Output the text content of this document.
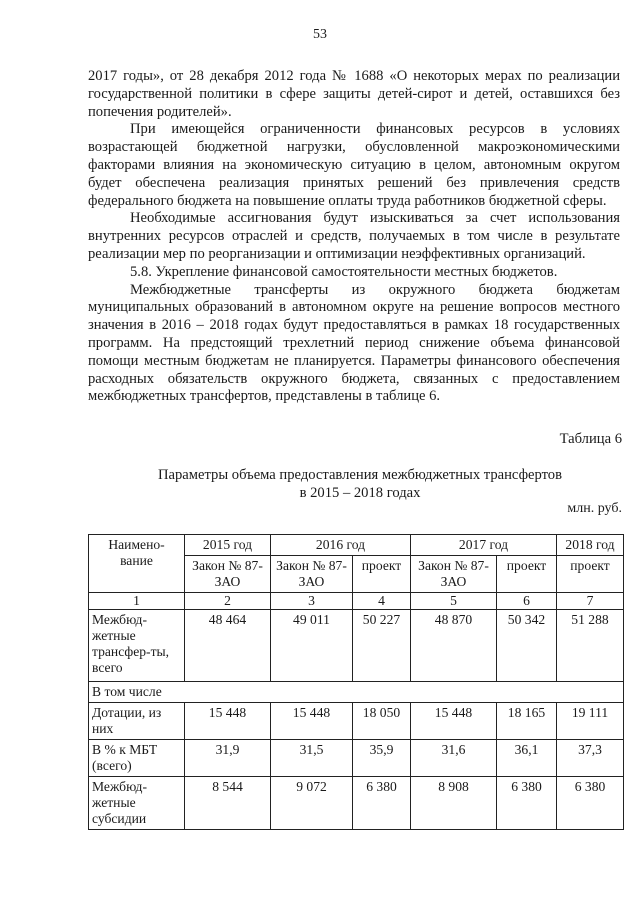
53

2017 годы», от 28 декабря 2012 года № 1688 «О некоторых мерах по реализации государственной политики в сфере защиты детей-сирот и детей, оставшихся без попечения родителей».

При имеющейся ограниченности финансовых ресурсов в условиях возрастающей бюджетной нагрузки, обусловленной макроэкономическими факторами влияния на экономическую ситуацию в целом, автономным округом будет обеспечена реализация принятых решений без привлечения средств федерального бюджета на повышение оплаты труда работников бюджетной сферы.

Необходимые ассигнования будут изыскиваться за счет использования внутренних ресурсов отраслей и средств, получаемых в том числе в результате реализации мер по реорганизации и оптимизации неэффективных организаций.

5.8. Укрепление финансовой самостоятельности местных бюджетов.

Межбюджетные трансферты из окружного бюджета бюджетам муниципальных образований в автономном округе на решение вопросов местного значения в 2016 – 2018 годах будут предоставляться в рамках 18 государственных программ. На предстоящий трехлетний период снижение объема финансовой помощи местным бюджетам не планируется. Параметры финансового обеспечения расходных обязательств окружного бюджета, связанных с предоставлением межбюджетных трансфертов, представлены в таблице 6.

Таблица 6
Параметры объема предоставления межбюджетных трансфертов
в 2015 – 2018 годах
млн. руб.
Наимено-вание	2015 год	2016 год		2017 год		2018 год
	Закон № 87-ЗАО	Закон № 87-ЗАО	проект	Закон № 87-ЗАО	проект	проект
1	2	3	4	5	6	7
Межбюд-жетные трансфер-ты, всего	48 464	49 011	50 227	48 870	50 342	51 288
В том числе						
Дотации, из них	15 448	15 448	18 050	15 448	18 165	19 111
В % к МБТ (всего)	31,9	31,5	35,9	31,6	36,1	37,3
Межбюд-жетные субсидии	8 544	9 072	6 380	8 908	6 380	6 380
